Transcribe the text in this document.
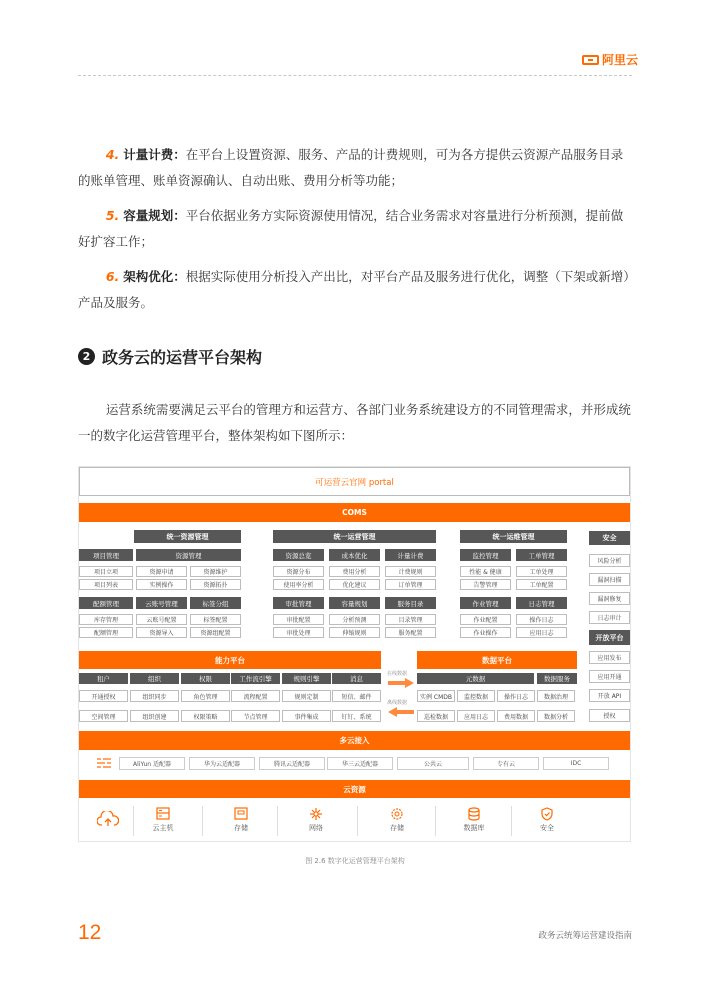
阿里云
4. 计量计费：在平台上设置资源、服务、产品的计费规则，可为各方提供云资源产品服务目录的账单管理、账单资源确认、自动出账、费用分析等功能；
5. 容量规划：平台依据业务方实际资源使用情况，结合业务需求对容量进行分析预测，提前做好扩容工作；
6. 架构优化：根据实际使用分析投入产出比，对平台产品及服务进行优化，调整（下架或新增）产品及服务。
2 政务云的运营平台架构
运营系统需要满足云平台的管理方和运营方、各部门业务系统建设方的不同管理需求，并形成统一的数字化运营管理平台，整体架构如下图所示：
可运营云官网 portal
COMS
统一资源管理	统一运营管理	统一运维管理	安全
项目管理	资源管理	资源总览	成本优化	计量计费	监控管理	工单管理
配额管理	云账号管理	标签分组	审批管理	容量规划	服务目录	作业管理	日志管理
项目立项
项目列表
资源申请	资源维护
实例操作	资源拓扑
资源分布
使用率分析
费用分析
优化建议
计费规则
订单管理
性能 & 健康
告警管理
工单处理
工单配置
库存管理
配额管理
云账号配置
资源导入
标签配置
资源组配置
审批配置
审批处理
分析预测
伸缩规则
目录管理
服务配置
作业配置
作业操作
操作日志
应用日志
风险分析
漏洞扫描
漏洞修复
日志审计
开放平台
应用发布
应用开通
开放 API
授权
能力平台
在线数据
离线数据
数据平台
多云接入
云资源
云主机	存储	网络	存储	数据库	安全
租户
开通授权
空间管理
组织
组织同步
组织创建
权限
角色管理
权限策略
工作流引擎
流程配置
节点管理
规则引擎
规则定制
事件集成
消息
短信、邮件
钉钉、系统
元数据	数据服务
实例 CMDB
巡检数据
监控数据
应用日志
操作日志
费用数据
数据治理
数据分析
AliYun 适配器	华为云适配器	腾讯云适配器	华三云适配器	公共云	专有云	IDC
图 2.6 数字化运营管理平台架构
12	政务云统筹运营建设指南
